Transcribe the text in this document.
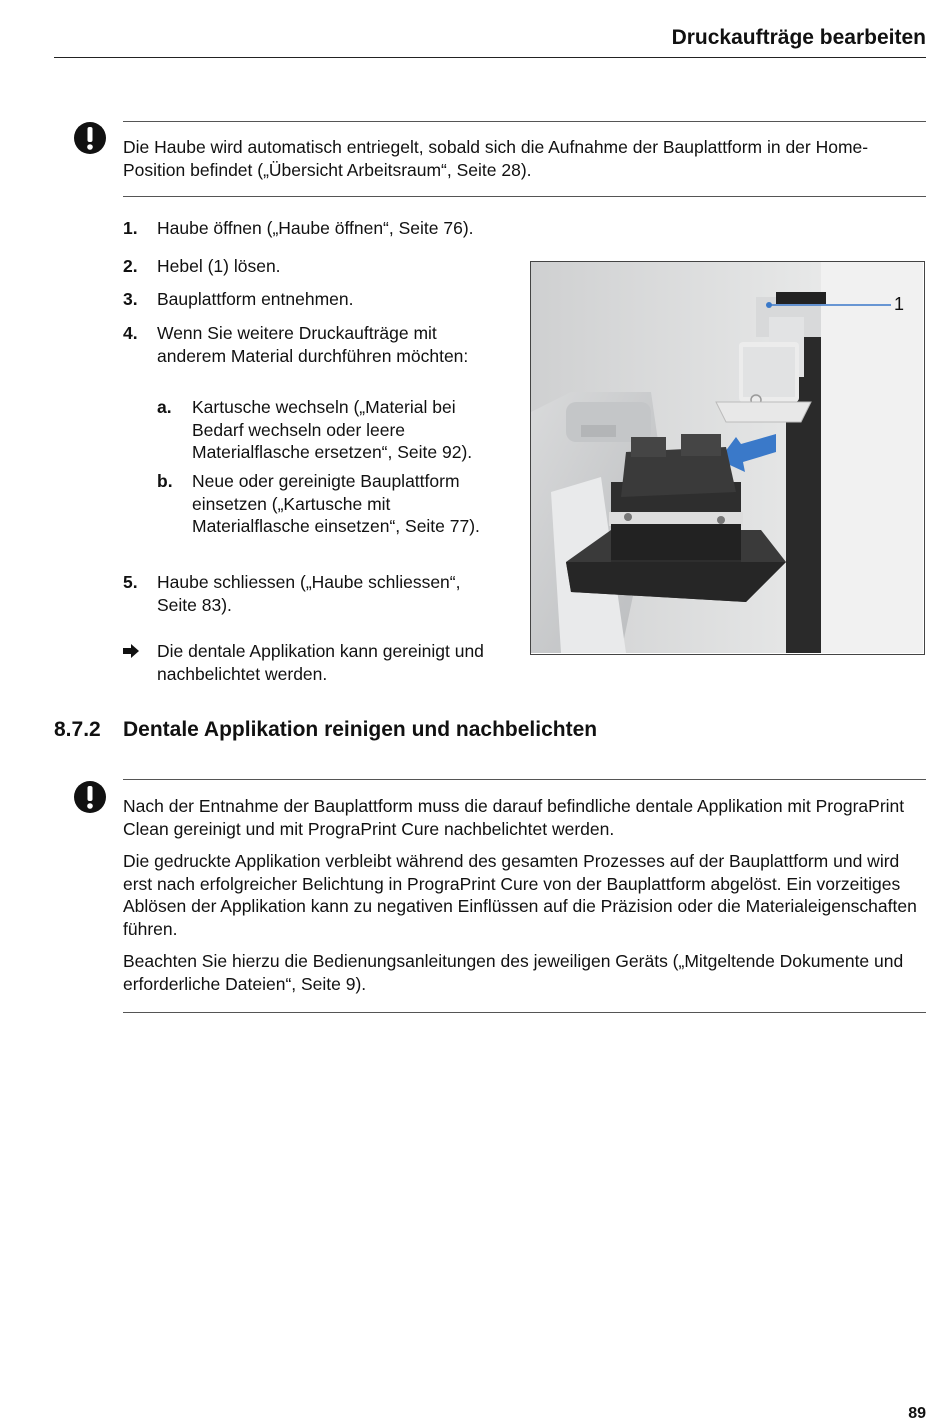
Druckaufträge bearbeiten

Die Haube wird automatisch entriegelt, sobald sich die Aufnahme der Bauplattform in der Home-Position befindet („Übersicht Arbeitsraum“, Seite 28).

1. Haube öffnen („Haube öffnen“, Seite 76).
2. Hebel (1) lösen.
3. Bauplattform entnehmen.
4. Wenn Sie weitere Druckaufträge mit anderem Material durchführen möchten:
a. Kartusche wechseln („Material bei Bedarf wechseln oder leere Materialflasche ersetzen“, Seite 92).
b. Neue oder gereinigte Bauplattform einsetzen („Kartusche mit Materialflasche einsetzen“, Seite 77).
5. Haube schliessen („Haube schliessen“, Seite 83).
Die dentale Applikation kann gereinigt und nachbelichtet werden.
1
8.7.2 Dentale Applikation reinigen und nachbelichten

Nach der Entnahme der Bauplattform muss die darauf befindliche dentale Applikation mit PrograPrint Clean gereinigt und mit PrograPrint Cure nachbelichtet werden.

Die gedruckte Applikation verbleibt während des gesamten Prozesses auf der Bauplattform und wird erst nach erfolgreicher Belichtung in PrograPrint Cure von der Bauplattform abgelöst. Ein vorzeitiges Ablösen der Applikation kann zu negativen Einflüssen auf die Präzision oder die Materialeigenschaften führen.

Beachten Sie hierzu die Bedienungsanleitungen des jeweiligen Geräts („Mitgeltende Dokumente und erforderliche Dateien“, Seite 9).

89
